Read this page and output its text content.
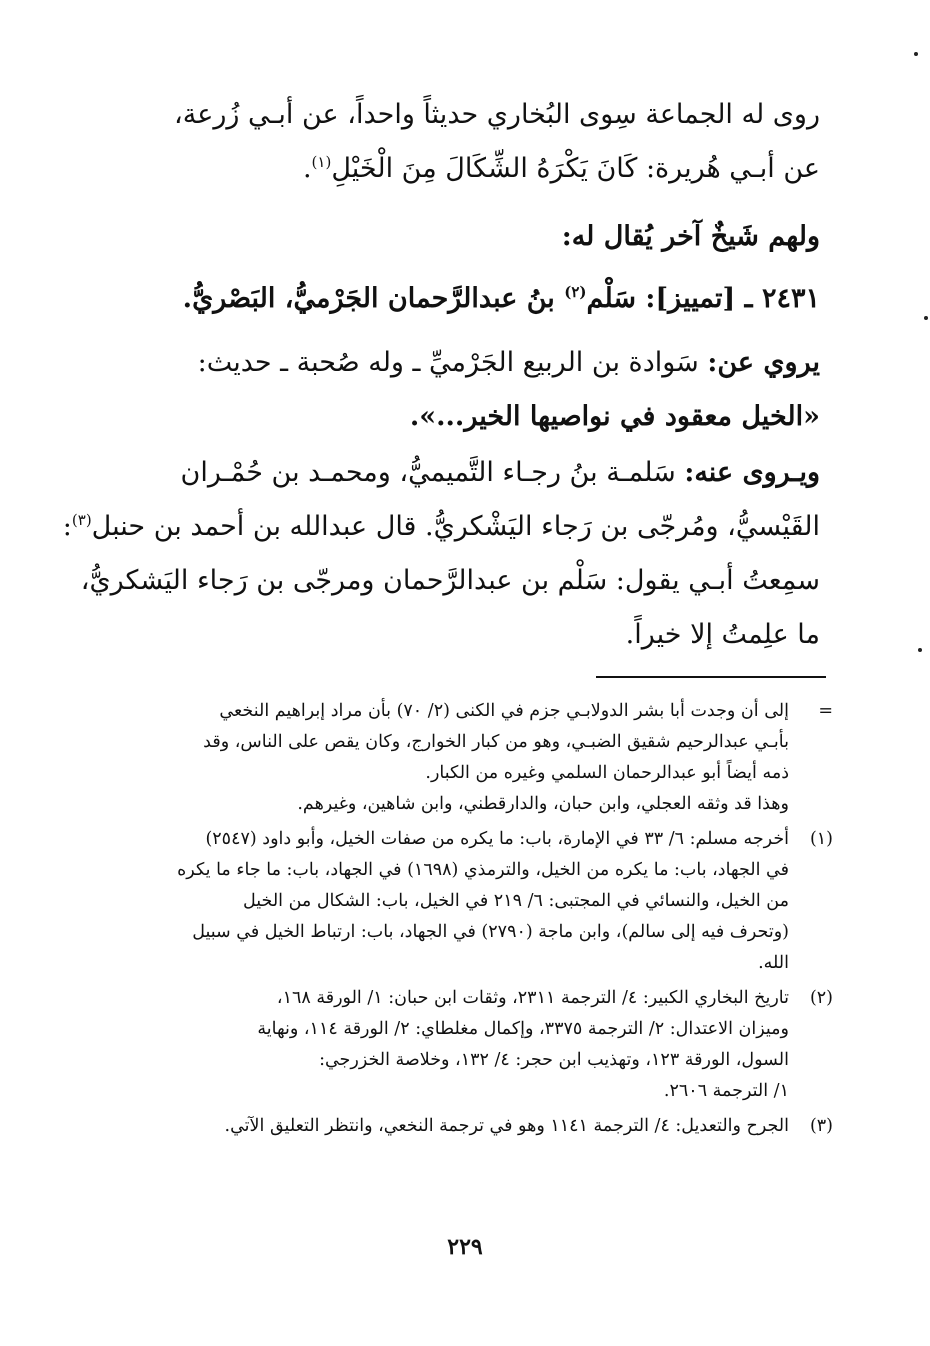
روى له الجماعة سِوى البُخاري حديثاً واحداً، عن أبـي زُرعة،
عن أبـي هُريرة: كَانَ يَكْرَهُ الشِّكَالَ مِنَ الْخَيْلِ$^{(١)}$.
ولهم شَيخٌ آخر يُقال له:
٢٤٣١ ـ [تمييز]: سَلْم$^{(٢)}$ بنُ عبدالرَّحمان الجَرْميُّ، البَصْريُّ.
يروي عن: سَوادة بن الربيع الجَرْميِّ ـ وله صُحبة ـ حديث:
«الخيل معقود في نواصيها الخير...».
ويـروى عنه: سَلمـة بنُ رجـاء التَّميميُّ، ومحمـد بن حُمْـران
القَيْسيُّ، ومُرجّى بن رَجاء اليَشْكريُّ. قال عبدالله بن أحمد بن حنبل$^{(٣)}$:
سمِعتُ أبـي يقول: سَلْم بن عبدالرَّحمان ومرجّى بن رَجاء اليَشكريُّ،
ما علِمتُ إلا خيراً.
=
إلى أن وجدت أبا بشر الدولابـي جزم في الكنى (٢/ ٧٠) بأن مراد إبراهيم النخعي
بأبـي عبدالرحيم شقيق الضبـي، وهو من كبار الخوارج، وكان يقص على الناس، وقد
ذمه أيضاً أبو عبدالرحمان السلمي وغيره من الكبار.
وهذا قد وثقه العجلي، وابن حبان، والدارقطني، وابن شاهين، وغيرهم.
(١)
أخرجه مسلم: ٦/ ٣٣ في الإمارة، باب: ما يكره من صفات الخيل، وأبو داود (٢٥٤٧)
في الجهاد، باب: ما يكره من الخيل، والترمذي (١٦٩٨) في الجهاد، باب: ما جاء ما يكره
من الخيل، والنسائي في المجتبى: ٦/ ٢١٩ في الخيل، باب: الشكال من الخيل
(وتحرف فيه إلى سالم)، وابن ماجة (٢٧٩٠) في الجهاد، باب: ارتباط الخيل في سبيل
الله.
(٢)
تاريخ البخاري الكبير: ٤/ الترجمة ٢٣١١، وثقات ابن حبان: ١/ الورقة ١٦٨،
وميزان الاعتدال: ٢/ الترجمة ٣٣٧٥، وإكمال مغلطاي: ٢/ الورقة ١١٤، ونهاية
السول، الورقة ١٢٣، وتهذيب ابن حجر: ٤/ ١٣٢، وخلاصة الخزرجي:
١/ الترجمة ٢٦٠٦.
(٣)
الجرح والتعديل: ٤/ الترجمة ١١٤١ وهو في ترجمة النخعي، وانتظر التعليق الآتي.
٢٢٩
